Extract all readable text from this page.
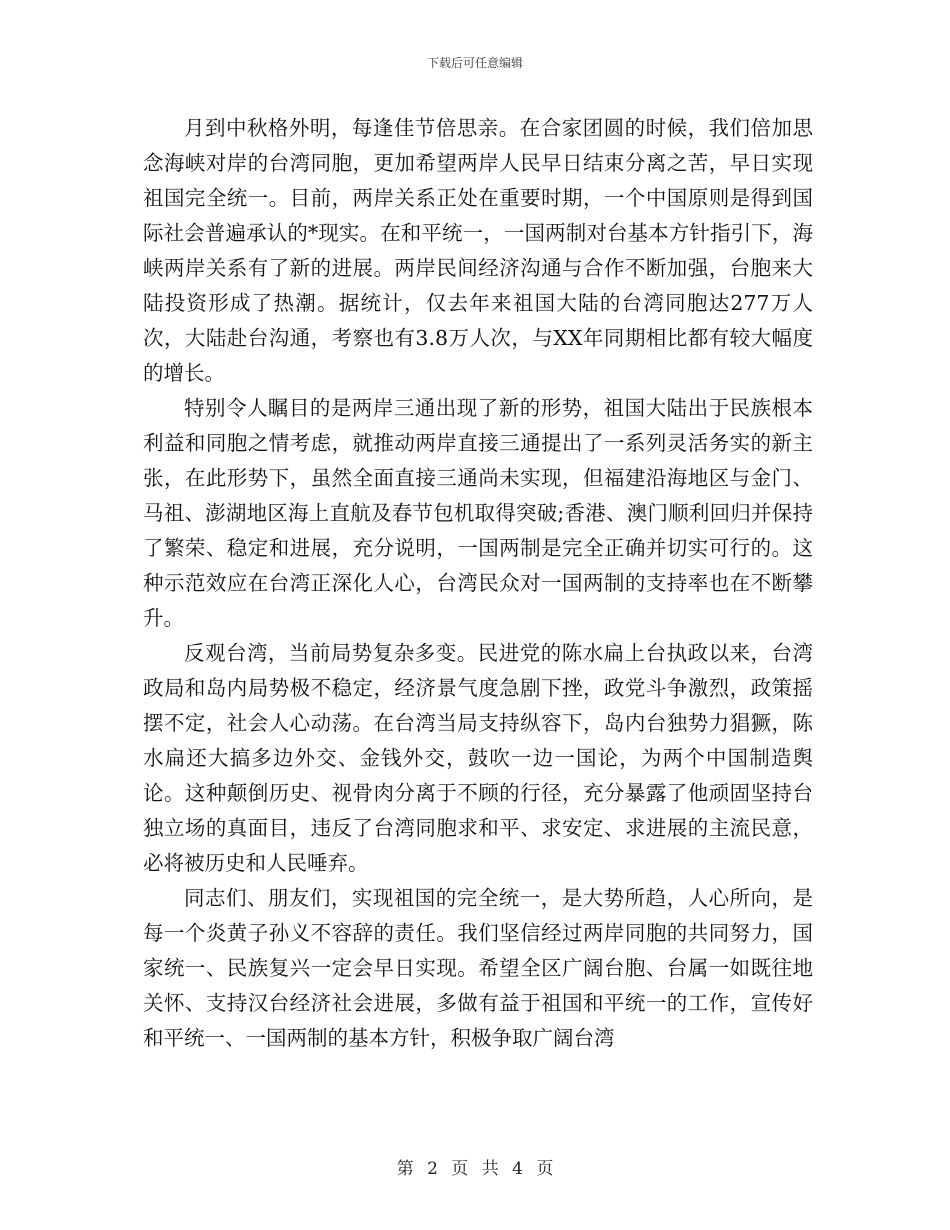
下载后可任意编辑

月到中秋格外明，每逢佳节倍思亲。在合家团圆的时候，我们倍加思念海峡对岸的台湾同胞，更加希望两岸人民早日结束分离之苦，早日实现祖国完全统一。目前，两岸关系正处在重要时期，一个中国原则是得到国际社会普遍承认的*现实。在和平统一，一国两制对台基本方针指引下，海峡两岸关系有了新的进展。两岸民间经济沟通与合作不断加强，台胞来大陆投资形成了热潮。据统计，仅去年来祖国大陆的台湾同胞达277万人次，大陆赴台沟通，考察也有3.8万人次，与XX年同期相比都有较大幅度的增长。

特别令人瞩目的是两岸三通出现了新的形势，祖国大陆出于民族根本利益和同胞之情考虑，就推动两岸直接三通提出了一系列灵活务实的新主张，在此形势下，虽然全面直接三通尚未实现，但福建沿海地区与金门、马祖、澎湖地区海上直航及春节包机取得突破;香港、澳门顺利回归并保持了繁荣、稳定和进展，充分说明，一国两制是完全正确并切实可行的。这种示范效应在台湾正深化人心，台湾民众对一国两制的支持率也在不断攀升。

反观台湾，当前局势复杂多变。民进党的陈水扁上台执政以来，台湾政局和岛内局势极不稳定，经济景气度急剧下挫，政党斗争激烈，政策摇摆不定，社会人心动荡。在台湾当局支持纵容下，岛内台独势力猖獗，陈水扁还大搞多边外交、金钱外交，鼓吹一边一国论，为两个中国制造舆论。这种颠倒历史、视骨肉分离于不顾的行径，充分暴露了他顽固坚持台独立场的真面目，违反了台湾同胞求和平、求安定、求进展的主流民意，必将被历史和人民唾弃。

同志们、朋友们，实现祖国的完全统一，是大势所趋，人心所向，是每一个炎黄子孙义不容辞的责任。我们坚信经过两岸同胞的共同努力，国家统一、民族复兴一定会早日实现。希望全区广阔台胞、台属一如既往地关怀、支持汉台经济社会进展，多做有益于祖国和平统一的工作，宣传好和平统一、一国两制的基本方针，积极争取广阔台湾

第 2 页 共 4 页
